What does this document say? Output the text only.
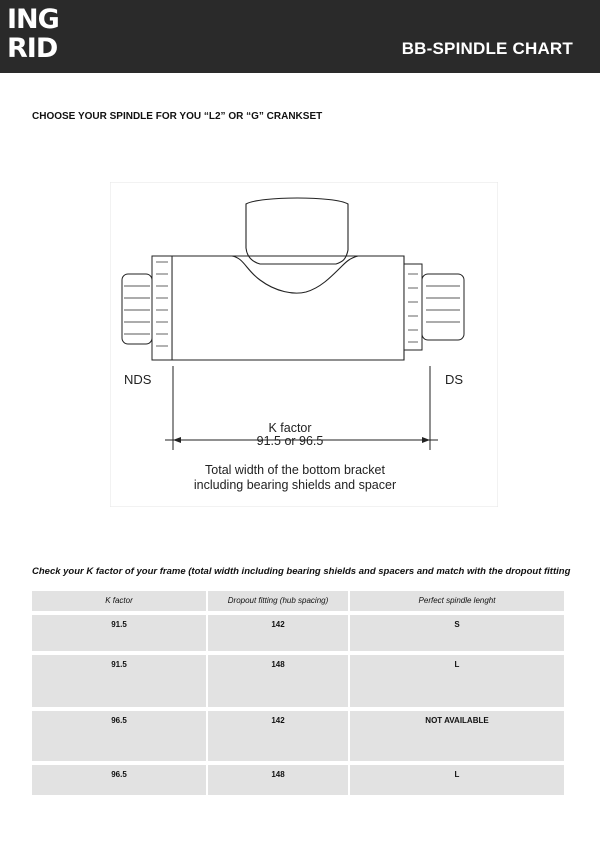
ING
RID	BB-SPINDLE CHART
CHOOSE YOUR SPINDLE FOR YOU “L2” OR “G” CRANKSET
NDS	DS
K factor
91.5 or 96.5
Total width of the bottom bracket
including bearing shields and spacer
Check your K factor of your frame (total width including bearing shields and spacers and match with the dropout fitting
K factor	Dropout fitting (hub spacing)	Perfect spindle lenght

91.5	142	S

91.5	148	L

96.5	142	NOT AVAILABLE

96.5	148	L
